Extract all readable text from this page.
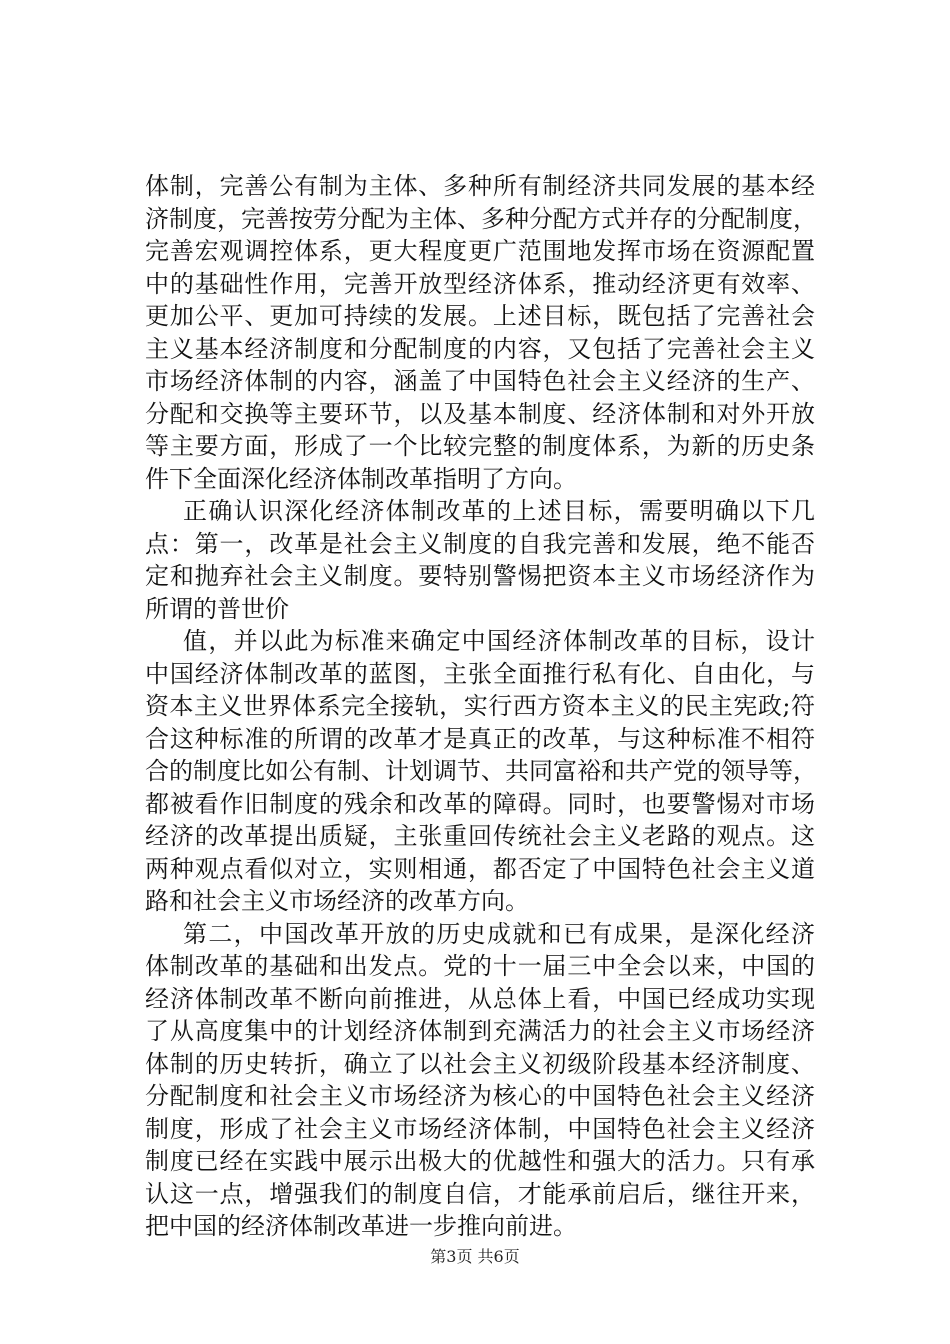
体制，完善公有制为主体、多种所有制经济共同发展的基本经
济制度，完善按劳分配为主体、多种分配方式并存的分配制度，
完善宏观调控体系，更大程度更广范围地发挥市场在资源配置
中的基础性作用，完善开放型经济体系，推动经济更有效率、
更加公平、更加可持续的发展。上述目标，既包括了完善社会
主义基本经济制度和分配制度的内容，又包括了完善社会主义
市场经济体制的内容，涵盖了中国特色社会主义经济的生产、
分配和交换等主要环节，以及基本制度、经济体制和对外开放
等主要方面，形成了一个比较完整的制度体系，为新的历史条
件下全面深化经济体制改革指明了方向。
正确认识深化经济体制改革的上述目标，需要明确以下几
点：第一，改革是社会主义制度的自我完善和发展，绝不能否
定和抛弃社会主义制度。要特别警惕把资本主义市场经济作为
所谓的普世价
值，并以此为标准来确定中国经济体制改革的目标，设计
中国经济体制改革的蓝图，主张全面推行私有化、自由化，与
资本主义世界体系完全接轨，实行西方资本主义的民主宪政;符
合这种标准的所谓的改革才是真正的改革，与这种标准不相符
合的制度比如公有制、计划调节、共同富裕和共产党的领导等，
都被看作旧制度的残余和改革的障碍。同时，也要警惕对市场
经济的改革提出质疑，主张重回传统社会主义老路的观点。这
两种观点看似对立，实则相通，都否定了中国特色社会主义道
路和社会主义市场经济的改革方向。
第二，中国改革开放的历史成就和已有成果，是深化经济
体制改革的基础和出发点。党的十一届三中全会以来，中国的
经济体制改革不断向前推进，从总体上看，中国已经成功实现
了从高度集中的计划经济体制到充满活力的社会主义市场经济
体制的历史转折，确立了以社会主义初级阶段基本经济制度、
分配制度和社会主义市场经济为核心的中国特色社会主义经济
制度，形成了社会主义市场经济体制，中国特色社会主义经济
制度已经在实践中展示出极大的优越性和强大的活力。只有承
认这一点，增强我们的制度自信，才能承前启后，继往开来，
把中国的经济体制改革进一步推向前进。
第3页 共6页
